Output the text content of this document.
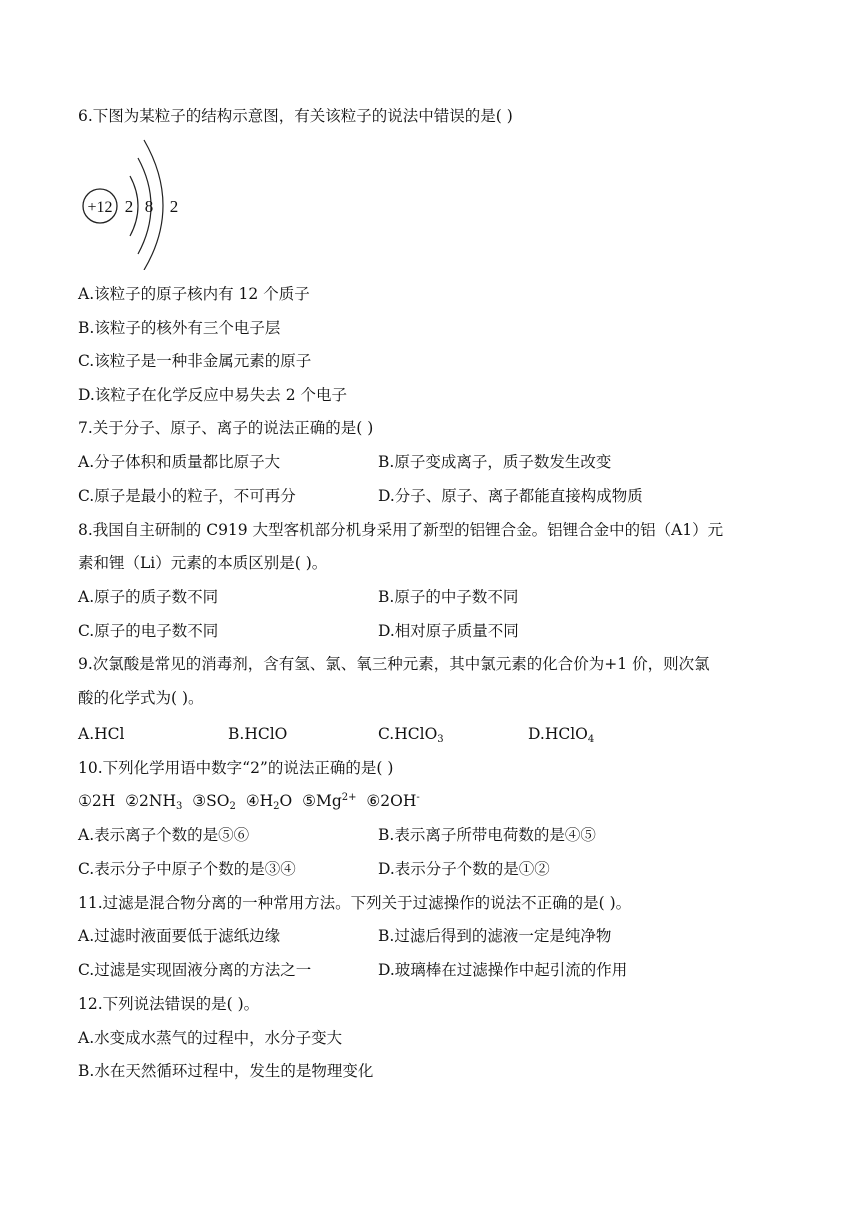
6.下图为某粒子的结构示意图，有关该粒子的说法中错误的是( )
+12 2 8 2
A.该粒子的原子核内有 12 个质子
B.该粒子的核外有三个电子层
C.该粒子是一种非金属元素的原子
D.该粒子在化学反应中易失去 2 个电子
7.关于分子、原子、离子的说法正确的是( )
A.分子体积和质量都比原子大	B.原子变成离子，质子数发生改变
C.原子是最小的粒子，不可再分	D.分子、原子、离子都能直接构成物质
8.我国自主研制的 C919 大型客机部分机身采用了新型的铝锂合金。铝锂合金中的铝（A1）元
素和锂（Li）元素的本质区别是( )。
A.原子的质子数不同	B.原子的中子数不同
C.原子的电子数不同	D.相对原子质量不同
9.次氯酸是常见的消毒剂，含有氢、氯、氧三种元素，其中氯元素的化合价为+1 价，则次氯
酸的化学式为( )。
A.HCl	B.HClO	C.HClO$_3$	D.HClO$_4$
10.下列化学用语中数字“2”的说法正确的是( )
①2H $②2NH_3$ $③SO_2$ $④H_2O$ $⑤Mg^{2+}$ ⑥2OH-
A.表示离子个数的是⑤⑥	B.表示离子所带电荷数的是④⑤
C.表示分子中原子个数的是③④	D.表示分子个数的是①②
11.过滤是混合物分离的一种常用方法。下列关于过滤操作的说法不正确的是( )。
A.过滤时液面要低于滤纸边缘	B.过滤后得到的滤液一定是纯净物
C.过滤是实现固液分离的方法之一	D.玻璃棒在过滤操作中起引流的作用
12.下列说法错误的是( )。
A.水变成水蒸气的过程中，水分子变大
B.水在天然循环过程中，发生的是物理变化
